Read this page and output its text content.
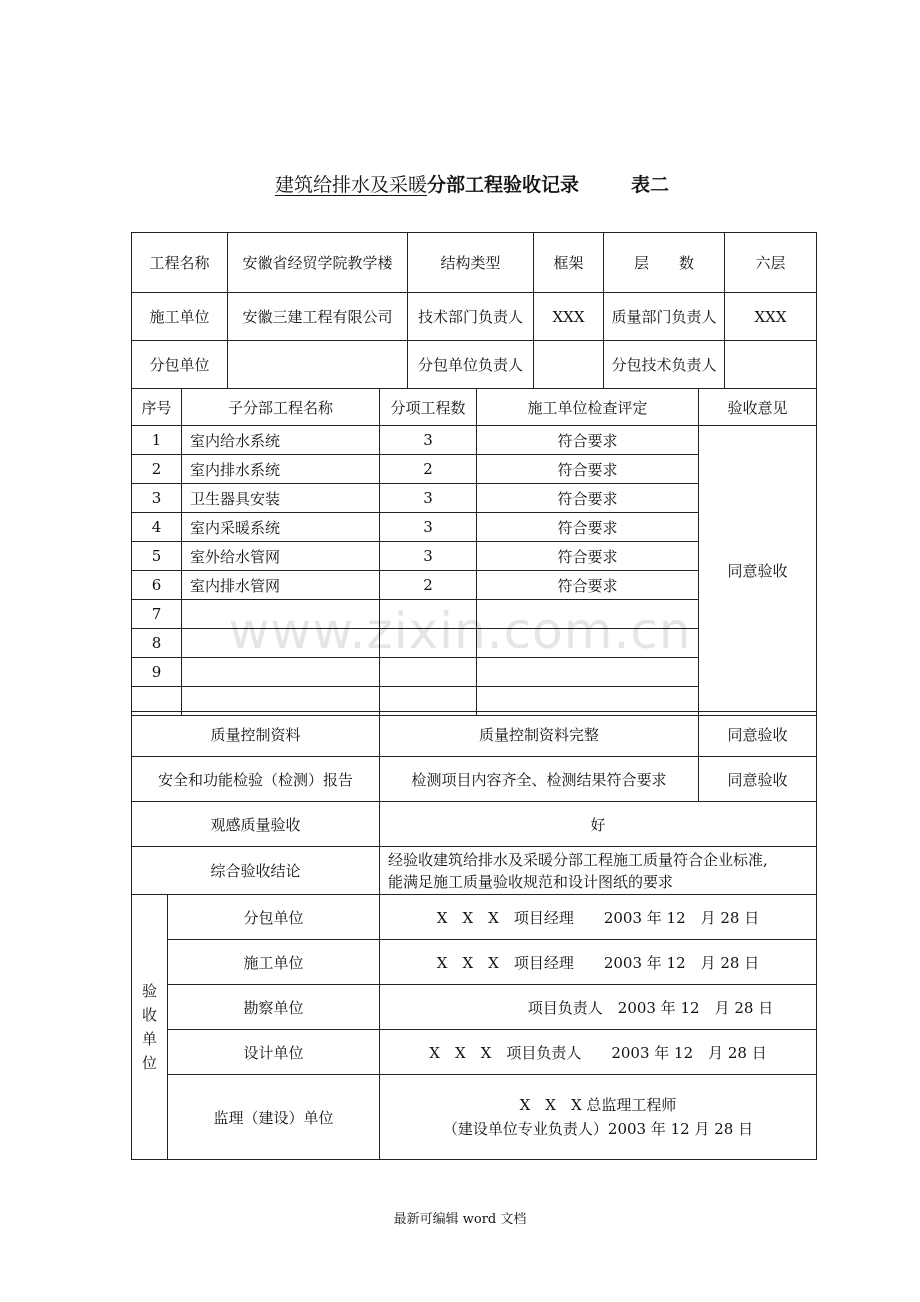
建筑给排水及采暖分部工程验收记录	表二
工程名称	安徽省经贸学院教学楼	结构类型	框架	层　　数	六层
施工单位	安徽三建工程有限公司	技术部门负责人	XXX	质量部门负责人	XXX
分包单位		分包单位负责人		分包技术负责人	
序号	子分部工程名称	分项工程数	施工单位检查评定	验收意见
1	室内给水系统	3	符合要求	同意验收
2	室内排水系统	2	符合要求	
3	卫生器具安装	3	符合要求	
4	室内采暖系统	3	符合要求	
5	室外给水管网	3	符合要求	
6	室内排水管网	2	符合要求	
7				
8				
9				

质量控制资料		质量控制资料完整	同意验收
安全和功能检验（检测）报告		检测项目内容齐全、检测结果符合要求	同意验收
观感质量验收		好	
综合验收结论		经验收建筑给排水及采暖分部工程施工质量符合企业标准,
能满足施工质量验收规范和设计图纸的要求	

验
收
单
位	分包单位	X　X　X　项目经理　　2003 年 12　月 28 日	
	施工单位	X　X　X　项目经理　　2003 年 12　月 28 日	
	勘察单位	　　　　　　　项目负责人　2003 年 12　月 28 日	
	设计单位	X　X　X　项目负责人　　2003 年 12　月 28 日	
	监理（建设）单位	X　X　X 总监理工程师
（建设单位专业负责人）2003 年 12 月 28 日	
www.zixin.com.cn
最新可编辑 word 文档
